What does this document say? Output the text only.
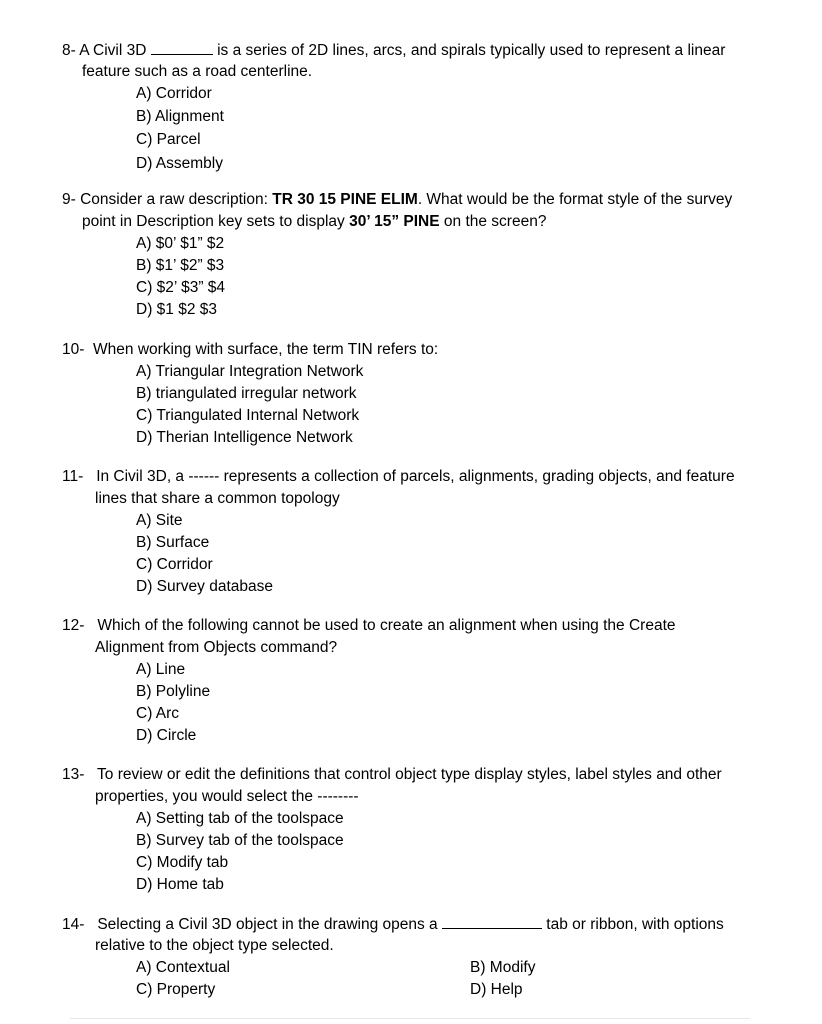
8- A Civil 3D	is a series of 2D lines, arcs, and spirals typically used to represent a linear
feature such as a road centerline.
A) Corridor
B) Alignment
C) Parcel
D) Assembly
9- Consider a raw description: TR 30 15 PINE ELIM. What would be the format style of the survey
point in Description key sets to display 30’ 15” PINE on the screen?
A) $0’ $1” $2
B) $1’ $2” $3
C) $2’ $3” $4
D) $1 $2 $3
10- When working with surface, the term TIN refers to:
A) Triangular Integration Network
B) triangulated irregular network
C) Triangulated Internal Network
D) Therian Intelligence Network
11- In Civil 3D, a ------ represents a collection of parcels, alignments, grading objects, and feature
lines that share a common topology
A) Site
B) Surface
C) Corridor
D) Survey database
12- Which of the following cannot be used to create an alignment when using the Create
Alignment from Objects command?
A) Line
B) Polyline
C) Arc
D) Circle
13- To review or edit the definitions that control object type display styles, label styles and other
properties, you would select the --------
A) Setting tab of the toolspace
B) Survey tab of the toolspace
C) Modify tab
D) Home tab
14- Selecting a Civil 3D object in the drawing opens a	tab or ribbon, with options
relative to the object type selected.
A) Contextual	B) Modify
C) Property	D) Help
